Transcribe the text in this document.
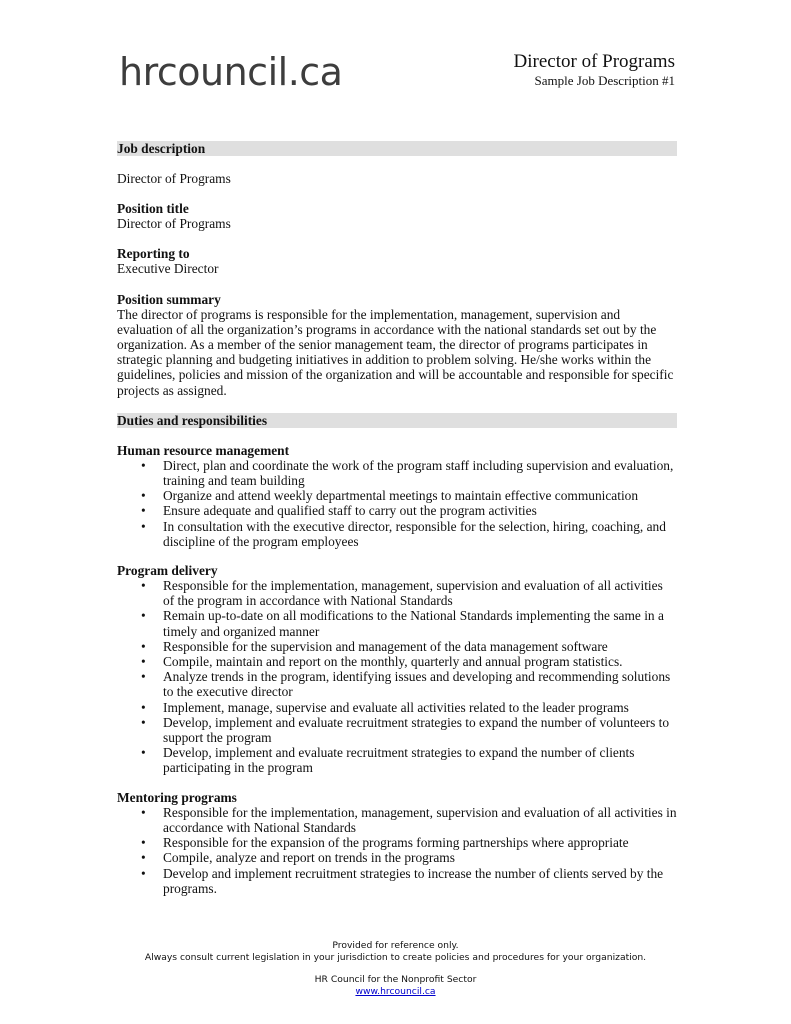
hrcouncil.ca	Director of Programs
Sample Job Description #1
Job description

Director of Programs

Position title

Director of Programs

Reporting to

Executive Director

Position summary

The director of programs is responsible for the implementation, management, supervision and evaluation of all the organization’s programs in accordance with the national standards set out by the organization. As a member of the senior management team, the director of programs participates in strategic planning and budgeting initiatives in addition to problem solving. He/she works within the guidelines, policies and mission of the organization and will be accountable and responsible for specific projects as assigned.

Duties and responsibilities
Human resource management
• Direct, plan and coordinate the work of the program staff including supervision and evaluation, training and team building
• Organize and attend weekly departmental meetings to maintain effective communication
• Ensure adequate and qualified staff to carry out the program activities
• In consultation with the executive director, responsible for the selection, hiring, coaching, and discipline of the program employees
Program delivery
• Responsible for the implementation, management, supervision and evaluation of all activities of the program in accordance with National Standards
• Remain up-to-date on all modifications to the National Standards implementing the same in a timely and organized manner
• Responsible for the supervision and management of the data management software
• Compile, maintain and report on the monthly, quarterly and annual program statistics.
• Analyze trends in the program, identifying issues and developing and recommending solutions to the executive director
• Implement, manage, supervise and evaluate all activities related to the leader programs
• Develop, implement and evaluate recruitment strategies to expand the number of volunteers to support the program
• Develop, implement and evaluate recruitment strategies to expand the number of clients participating in the program
Mentoring programs
• Responsible for the implementation, management, supervision and evaluation of all activities in accordance with National Standards
• Responsible for the expansion of the programs forming partnerships where appropriate
• Compile, analyze and report on trends in the programs
• Develop and implement recruitment strategies to increase the number of clients served by the programs.
Provided for reference only.
Always consult current legislation in your jurisdiction to create policies and procedures for your organization.
HR Council for the Nonprofit Sector
www.hrcouncil.ca
